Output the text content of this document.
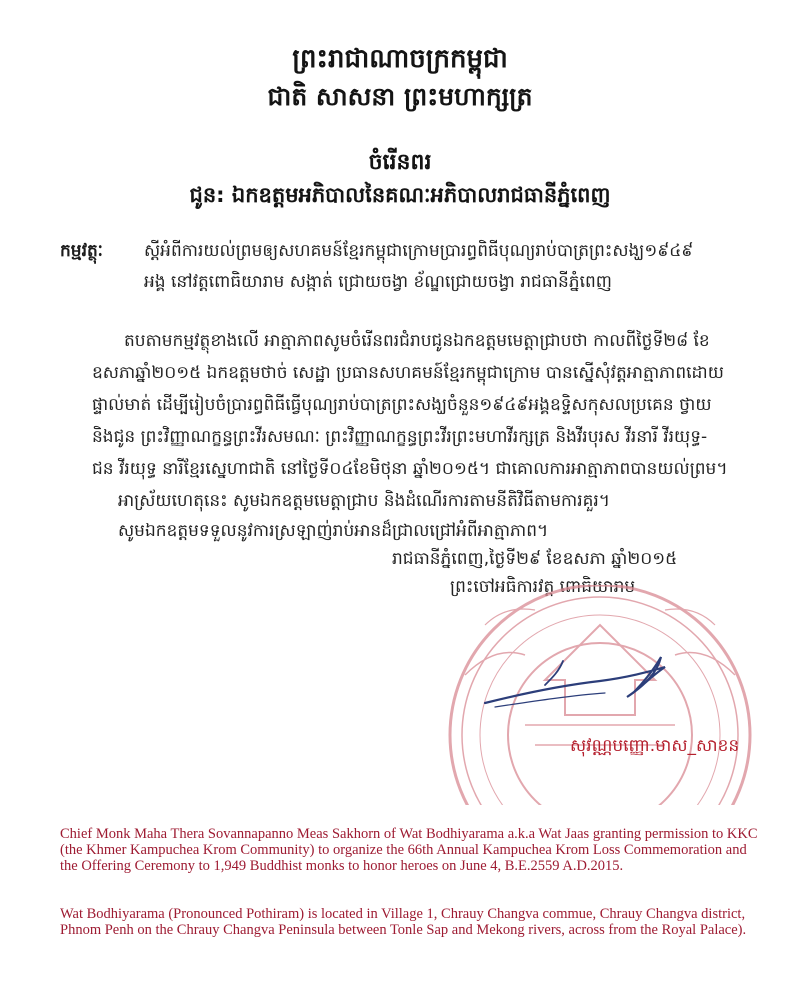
ព្រះរាជាណាចក្រកម្ពុជា
ជាតិ សាសនា ព្រះមហាក្សត្រ
ចំរើនពរ
ជូន: ឯកឧត្តមអភិបាលនៃគណៈអភិបាលរាជធានីភ្នំពេញ
កម្មវត្ថុៈ ស្តីអំពីការយល់ព្រមឲ្យសហគមន៍ខ្មែរកម្ពុជាក្រោមប្រារព្ធពិធីបុណ្យរាប់បាត្រព្រះសង្ឃ១៩៤៩
អង្គ នៅវត្តពោធិយារាម សង្កាត់ ជ្រោយចង្វា ខ័ណ្ឌជ្រោយចង្វា រាជធានីភ្នំពេញ
តបតាមកម្មវត្ថុខាងលើ អាត្មាភាពសូមចំរើនពរជំរាបជូនឯកឧត្តមមេត្តាជ្រាបថា កាលពីថ្ងៃទី២៨ ខែ
ឧសភាឆ្នាំ២០១៥ ឯកឧត្តមថាច់ សេដ្ឋា ប្រធានសហគមន៍ខ្មែរកម្ពុជាក្រោម បានស្នើសុំវត្តអាត្មាភាពដោយ
ផ្ទាល់មាត់ ដើម្បីរៀបចំប្រារព្ធពិធីធ្វើបុណ្យរាប់បាត្រព្រះសង្ឃចំនួន១៩៤៩អង្គឧទ្ទិសកុសលប្រគេន ថ្វាយ
និងជូន ព្រះវិញ្ញាណក្ខន្ធព្រះវីរសមណៈ ព្រះវិញ្ញាណក្ខន្ធព្រះវីរព្រះមហាវីរក្សត្រ និងវីរបុរស វីរនារី វីរយុទ្ធ-
ជន វីរយុទ្ធ នារីខ្មែរស្នេហាជាតិ នៅថ្ងៃទី០៤ខែមិថុនា ឆ្នាំ២០១៥។ ជាគោលការអាត្មាភាពបានយល់ព្រម។
អាស្រ័យហេតុនេះ សូមឯកឧត្តមមេត្តាជ្រាប និងដំណើរការតាមនីតិវិធីតាមការគួរ។
សូមឯកឧត្តមទទួលនូវការស្រឡាញ់រាប់អានដ៏ជ្រាលជ្រៅអំពីអាត្មាភាព។
រាជធានីភ្នំពេញ,ថ្ងៃទី២៩ ខែឧសភា ឆ្នាំ២០១៥
ព្រះចៅអធិការវត្ត ពោធិយារាម
សុវណ្ណបញ្ញោ.មាស_សាខន
Chief Monk Maha Thera Sovannapanno Meas Sakhorn of Wat Bodhiyarama a.k.a Wat Jaas granting permission to KKC (the Khmer Kampuchea Krom Community) to organize the 66th Annual Kampuchea Krom Loss Commemoration and the Offering Ceremony to 1,949 Buddhist monks to honor heroes on June 4, B.E.2559 A.D.2015.
Wat Bodhiyarama (Pronounced Pothiram) is located in Village 1, Chrauy Changva commue, Chrauy Changva district, Phnom Penh on the Chrauy Changva Peninsula between Tonle Sap and Mekong rivers, across from the Royal Palace).
